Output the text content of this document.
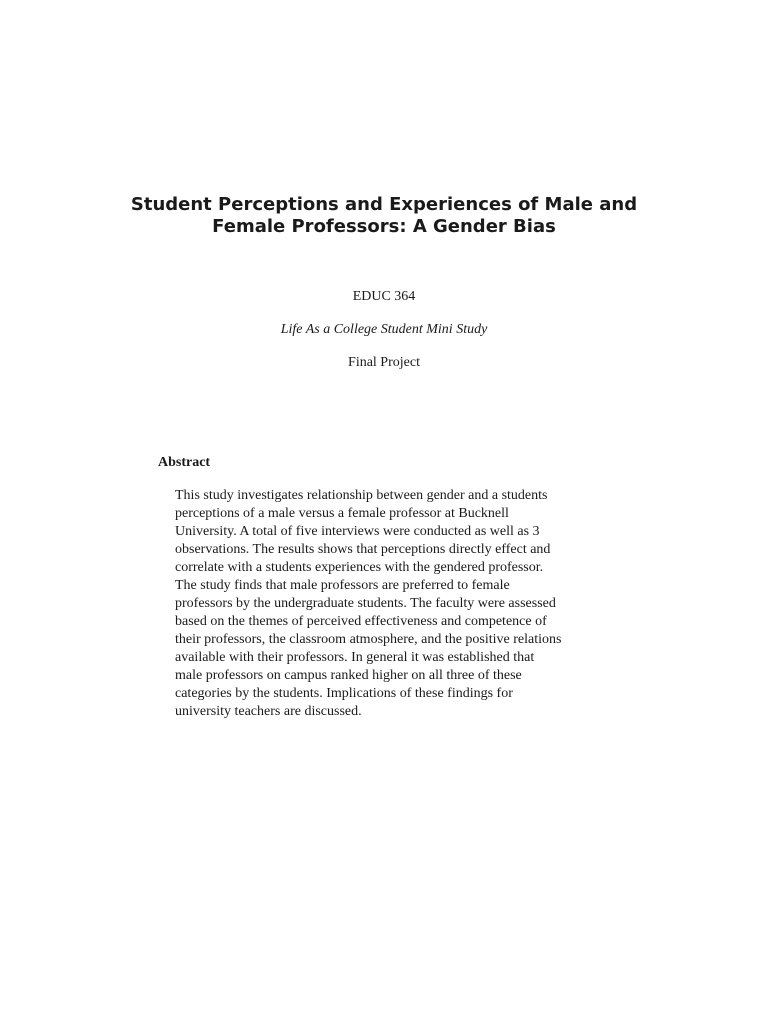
Student Perceptions and Experiences of Male and
Female Professors: A Gender Bias

EDUC 364

Life As a College Student Mini Study

Final Project

Abstract
This study investigates relationship between gender and a students
perceptions of a male versus a female professor at Bucknell
University. A total of five interviews were conducted as well as 3
observations. The results shows that perceptions directly effect and
correlate with a students experiences with the gendered professor.
The study finds that male professors are preferred to female
professors by the undergraduate students. The faculty were assessed
based on the themes of perceived effectiveness and competence of
their professors, the classroom atmosphere, and the positive relations
available with their professors. In general it was established that
male professors on campus ranked higher on all three of these
categories by the students. Implications of these findings for
university teachers are discussed.
